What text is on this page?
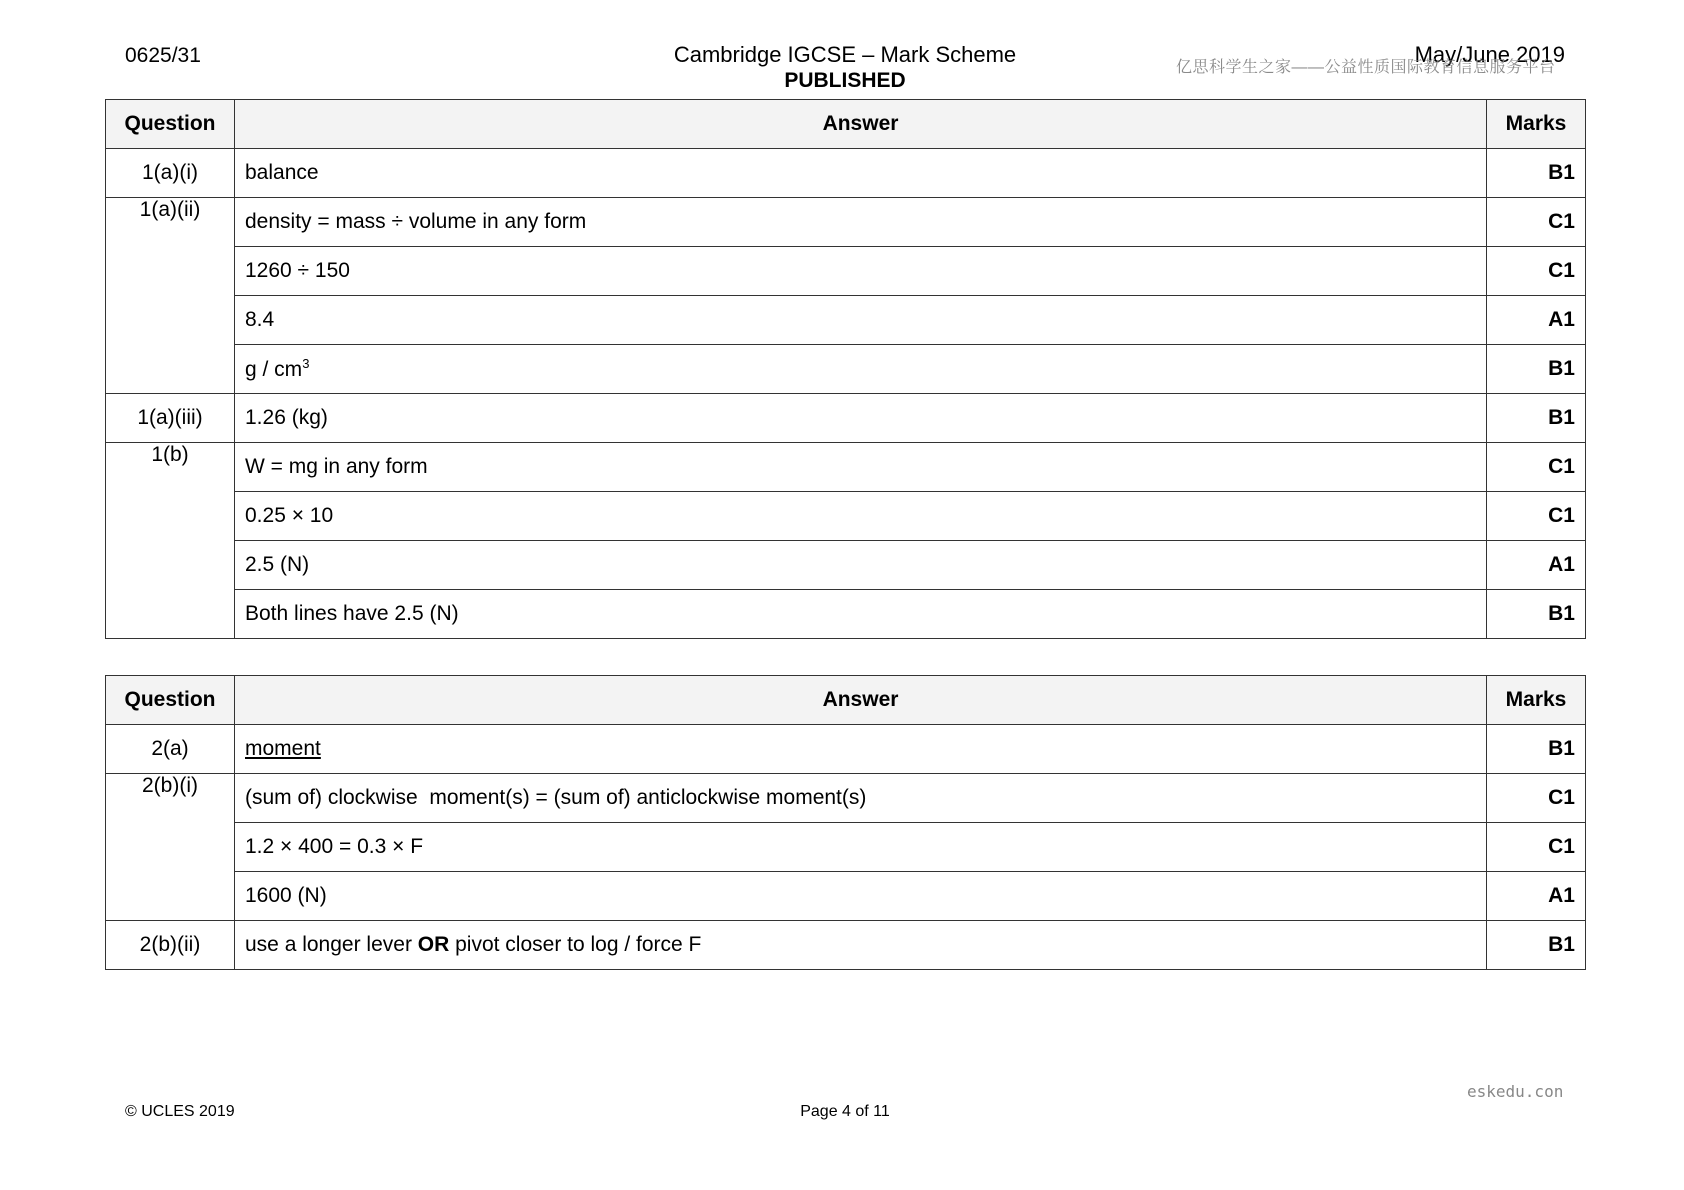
0625/31	Cambridge IGCSE – Mark Scheme
PUBLISHED
May/June 2019
亿思科学生之家——公益性质国际教育信息服务平台
Question	Answer	Marks
1(a)(i)	balance	B1
1(a)(ii)	density = mass ÷ volume in any form	C1
	1260 ÷ 150	C1
	8.4	A1
	g / $cm^3$	B1
1(a)(iii)	1.26 (kg)	B1
1(b)	W = mg in any form	C1
	0.25 × 10	C1
	2.5 (N)	A1
	Both lines have 2.5 (N)	B1
Question	Answer	Marks
2(a)	moment	B1
2(b)(i)	(sum of) clockwise  moment(s) = (sum of) anticlockwise moment(s)	C1
	1.2 × 400 = 0.3 × F	C1
	1600 (N)	A1
2(b)(ii)	use a longer lever OR pivot closer to log / force F	B1
eskedu.con
© UCLES 2019	Page 4 of 11
